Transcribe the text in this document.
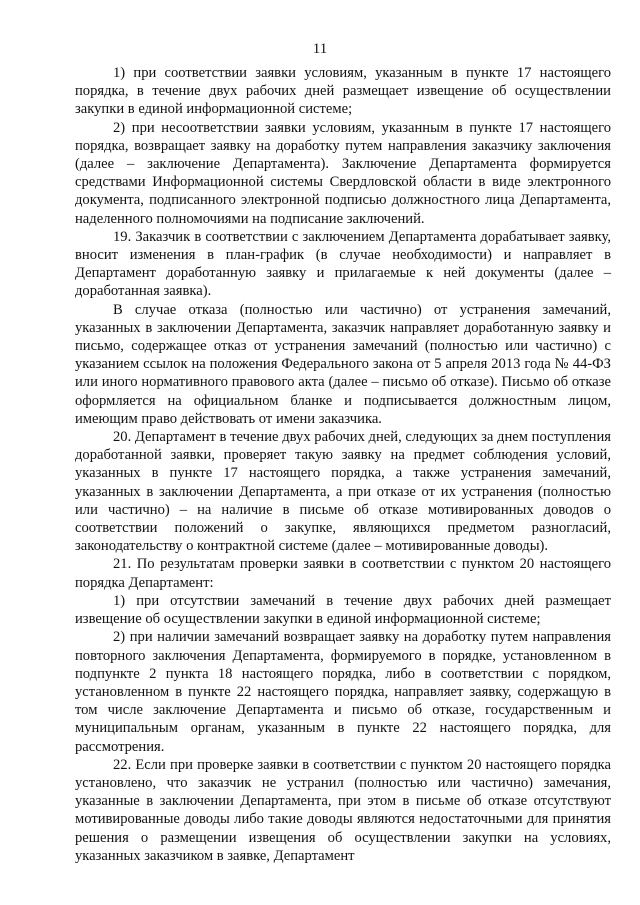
11

1) при соответствии заявки условиям, указанным в пункте 17 настоящего порядка, в течение двух рабочих дней размещает извещение об осуществлении закупки в единой информационной системе;

2) при несоответствии заявки условиям, указанным в пункте 17 настоящего порядка, возвращает заявку на доработку путем направления заказчику заключения (далее – заключение Департамента). Заключение Департамента формируется средствами Информационной системы Свердловской области в виде электронного документа, подписанного электронной подписью должностного лица Департамента, наделенного полномочиями на подписание заключений.

19. Заказчик в соответствии с заключением Департамента дорабатывает заявку, вносит изменения в план-график (в случае необходимости) и направляет в Департамент доработанную заявку и прилагаемые к ней документы (далее – доработанная заявка).

В случае отказа (полностью или частично) от устранения замечаний, указанных в заключении Департамента, заказчик направляет доработанную заявку и письмо, содержащее отказ от устранения замечаний (полностью или частично) с указанием ссылок на положения Федерального закона от 5 апреля 2013 года № 44-ФЗ или иного нормативного правового акта (далее – письмо об отказе). Письмо об отказе оформляется на официальном бланке и подписывается должностным лицом, имеющим право действовать от имени заказчика.

20. Департамент в течение двух рабочих дней, следующих за днем поступления доработанной заявки, проверяет такую заявку на предмет соблюдения условий, указанных в пункте 17 настоящего порядка, а также устранения замечаний, указанных в заключении Департамента, а при отказе от их устранения (полностью или частично) – на наличие в письме об отказе мотивированных доводов о соответствии положений о закупке, являющихся предметом разногласий, законодательству о контрактной системе (далее – мотивированные доводы).

21. По результатам проверки заявки в соответствии с пунктом 20 настоящего порядка Департамент:

1) при отсутствии замечаний в течение двух рабочих дней размещает извещение об осуществлении закупки в единой информационной системе;

2) при наличии замечаний возвращает заявку на доработку путем направления повторного заключения Департамента, формируемого в порядке, установленном в подпункте 2 пункта 18 настоящего порядка, либо в соответствии с порядком, установленном в пункте 22 настоящего порядка, направляет заявку, содержащую в том числе заключение Департамента и письмо об отказе, государственным и муниципальным органам, указанным в пункте 22 настоящего порядка, для рассмотрения.

22. Если при проверке заявки в соответствии с пунктом 20 настоящего порядка установлено, что заказчик не устранил (полностью или частично) замечания, указанные в заключении Департамента, при этом в письме об отказе отсутствуют мотивированные доводы либо такие доводы являются недостаточными для принятия решения о размещении извещения об осуществлении закупки на условиях, указанных заказчиком в заявке, Департамент
